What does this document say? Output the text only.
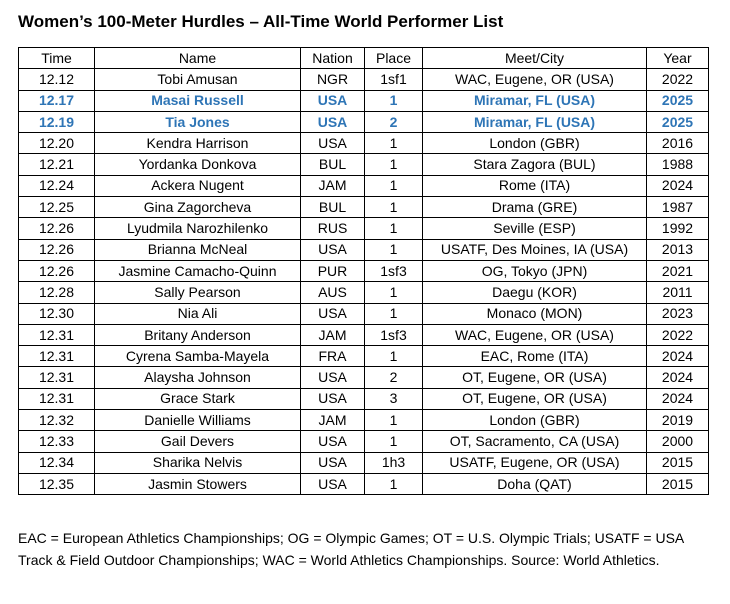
Women’s 100-Meter Hurdles – All-Time World Performer List
Time	Name	Nation	Place	Meet/City	Year
12.12	Tobi Amusan	NGR	1sf1	WAC, Eugene, OR (USA)	2022
12.17	Masai Russell	USA	1	Miramar, FL (USA)	2025
12.19	Tia Jones	USA	2	Miramar, FL (USA)	2025
12.20	Kendra Harrison	USA	1	London (GBR)	2016
12.21	Yordanka Donkova	BUL	1	Stara Zagora (BUL)	1988
12.24	Ackera Nugent	JAM	1	Rome (ITA)	2024
12.25	Gina Zagorcheva	BUL	1	Drama (GRE)	1987
12.26	Lyudmila Narozhilenko	RUS	1	Seville (ESP)	1992
12.26	Brianna McNeal	USA	1	USATF, Des Moines, IA (USA)	2013
12.26	Jasmine Camacho-Quinn	PUR	1sf3	OG, Tokyo (JPN)	2021
12.28	Sally Pearson	AUS	1	Daegu (KOR)	2011
12.30	Nia Ali	USA	1	Monaco (MON)	2023
12.31	Britany Anderson	JAM	1sf3	WAC, Eugene, OR (USA)	2022
12.31	Cyrena Samba-Mayela	FRA	1	EAC, Rome (ITA)	2024
12.31	Alaysha Johnson	USA	2	OT, Eugene, OR (USA)	2024
12.31	Grace Stark	USA	3	OT, Eugene, OR (USA)	2024
12.32	Danielle Williams	JAM	1	London (GBR)	2019
12.33	Gail Devers	USA	1	OT, Sacramento, CA (USA)	2000
12.34	Sharika Nelvis	USA	1h3	USATF, Eugene, OR (USA)	2015
12.35	Jasmin Stowers	USA	1	Doha (QAT)	2015
EAC = European Athletics Championships; OG = Olympic Games; OT = U.S. Olympic Trials; USATF = USA Track & Field Outdoor Championships; WAC = World Athletics Championships. Source: World Athletics.
